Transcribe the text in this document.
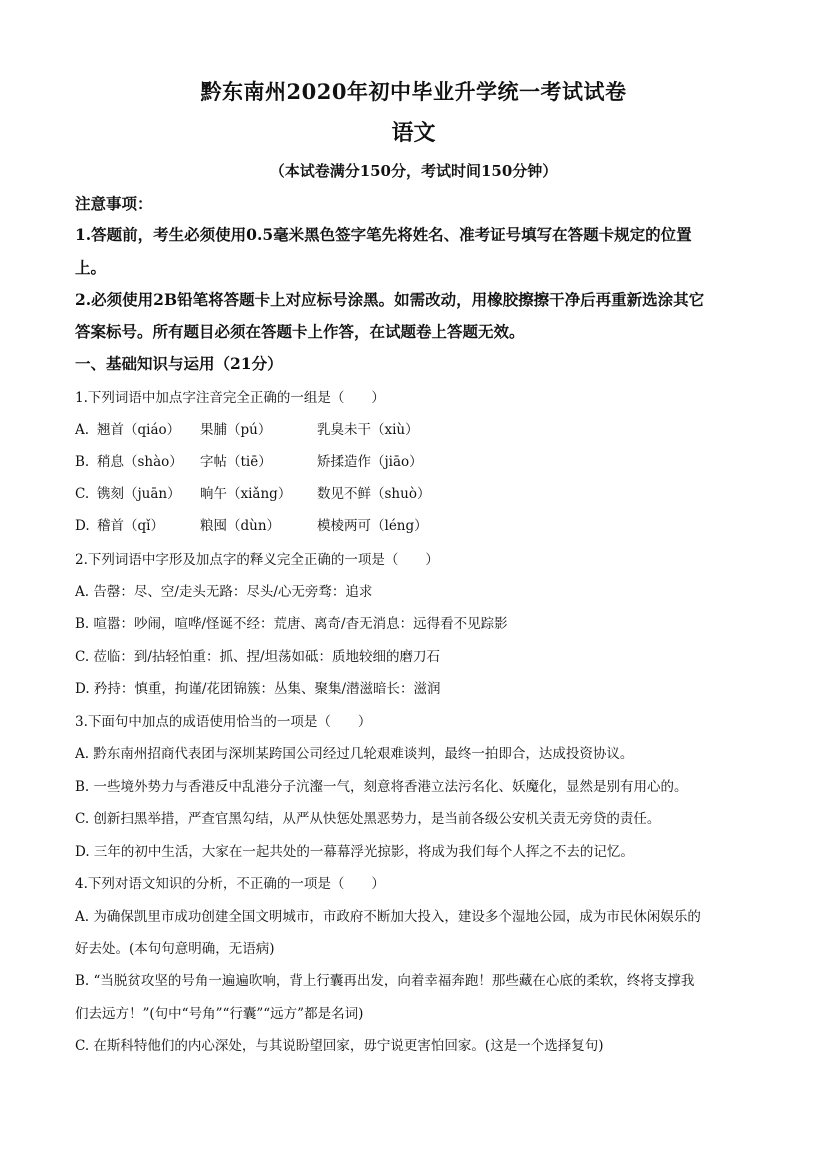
黔东南州2020年初中毕业升学统一考试试卷
语文
（本试卷满分150分，考试时间150分钟）
注意事项：
1.答题前，考生必须使用0.5毫米黑色签字笔先将姓名、准考证号填写在答题卡规定的位置
上。
2.必须使用2B铅笔将答题卡上对应标号涂黑。如需改动，用橡胶擦擦干净后再重新选涂其它
答案标号。所有题目必须在答题卡上作答，在试题卷上答题无效。
一、基础知识与运用（21分）
1.下列词语中加点字注音完全正确的一组是（　　）
A. 翘首（qiáo） 果脯（pú）	乳臭未干（xiù）
B. 稍息（shào） 字帖（tiē）	矫揉造作（jiāo）
C. 镌刻（juān） 晌午（xiǎng） 数见不鲜（shuò）
D. 稽首（qǐ）	粮囤（dùn）	模棱两可（léng）
2.下列词语中字形及加点字的释义完全正确的一项是（　　）
A. 告罄：尽、空/走头无路：尽头/心无旁骛：追求
B. 喧嚣：吵闹，喧哗/怪诞不经：荒唐、离奇/杳无消息：远得看不见踪影
C. 莅临：到/拈轻怕重：抓、捏/坦荡如砥：质地较细的磨刀石
D. 矜持：慎重，拘谨/花团锦簇：丛集、聚集/潜滋暗长：滋润
3.下面句中加点的成语使用恰当的一项是（　　）
A. 黔东南州招商代表团与深圳某跨国公司经过几轮艰难谈判，最终一拍即合，达成投资协议。
B. 一些境外势力与香港反中乱港分子沆瀣一气，刻意将香港立法污名化、妖魔化，显然是别有用心的。
C. 创新扫黑举措，严查官黑勾结，从严从快惩处黑恶势力，是当前各级公安机关责无旁贷的责任。
D. 三年的初中生活，大家在一起共处的一幕幕浮光掠影，将成为我们每个人挥之不去的记忆。
4.下列对语文知识的分析，不正确的一项是（　　）
A. 为确保凯里市成功创建全国文明城市，市政府不断加大投入，建设多个湿地公园，成为市民休闲娱乐的
好去处。(本句句意明确，无语病)
B. “当脱贫攻坚的号角一遍遍吹响，背上行囊再出发，向着幸福奔跑！那些藏在心底的柔软，终将支撑我
们去远方！”(句中“号角”“行囊”“远方”都是名词)
C. 在斯科特他们的内心深处，与其说盼望回家，毋宁说更害怕回家。(这是一个选择复句)
